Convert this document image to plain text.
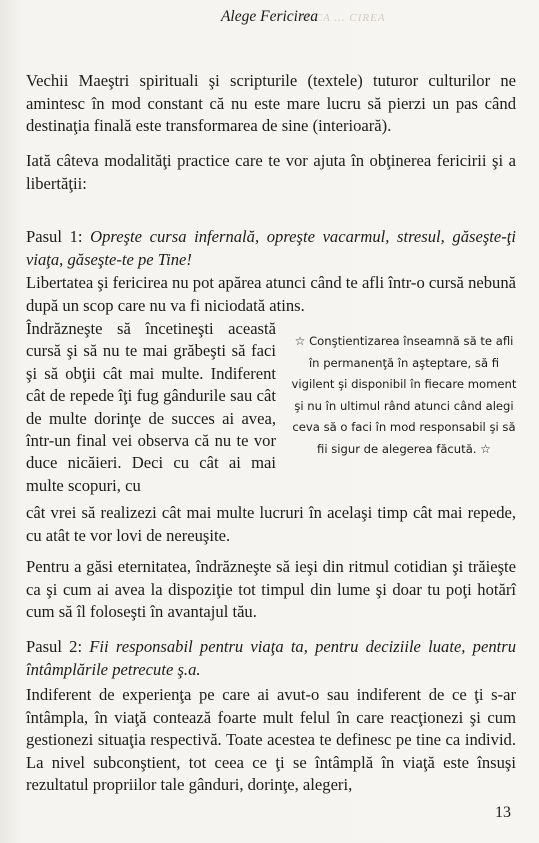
MICA ... CIREA
Alege Fericirea
Vechii Maeştri spirituali şi scripturile (textele) tuturor culturilor ne amintesc în mod constant că nu este mare lucru să pierzi un pas când destinaţia finală este transformarea de sine (interioară).
Iată câteva modalităţi practice care te vor ajuta în obţinerea fericirii şi a libertăţii:
Pasul 1: Opreşte cursa infernală, opreşte vacarmul, stresul, găseşte-ţi viaţa, găseşte-te pe Tine!
Libertatea şi fericirea nu pot apărea atunci când te afli într-o cursă nebună după un scop care nu va fi niciodată atins.
Îndrăzneşte să încetineşti această cursă şi să nu te mai grăbeşti să faci şi să obţii cât mai multe. Indiferent cât de repede îţi fug gândurile sau cât de multe dorinţe de succes ai avea, într-un final vei observa că nu te vor duce nicăieri. Deci cu cât ai mai multe scopuri, cu
☆ Conştientizarea înseamnă să te afli în permanenţă în aşteptare, să fi vigilent şi disponibil în fiecare moment şi nu în ultimul rând atunci când alegi ceva să o faci în mod responsabil şi să fii sigur de alegerea făcută. ☆
cât vrei să realizezi cât mai multe lucruri în acelaşi timp cât mai repede, cu atât te vor lovi de nereuşite.
Pentru a găsi eternitatea, îndrăzneşte să ieşi din ritmul cotidian şi trăieşte ca şi cum ai avea la dispoziţie tot timpul din lume şi doar tu poţi hotărî cum să îl foloseşti în avantajul tău.
Pasul 2: Fii responsabil pentru viaţa ta, pentru deciziile luate, pentru întâmplările petrecute ş.a.
Indiferent de experienţa pe care ai avut-o sau indiferent de ce ţi s-ar întâmpla, în viaţă contează foarte mult felul în care reacţionezi şi cum gestionezi situaţia respectivă. Toate acestea te definesc pe tine ca individ. La nivel subconştient, tot ceea ce ţi se întâmplă în viaţă este însuşi rezultatul propriilor tale gânduri, dorinţe, alegeri,
13
